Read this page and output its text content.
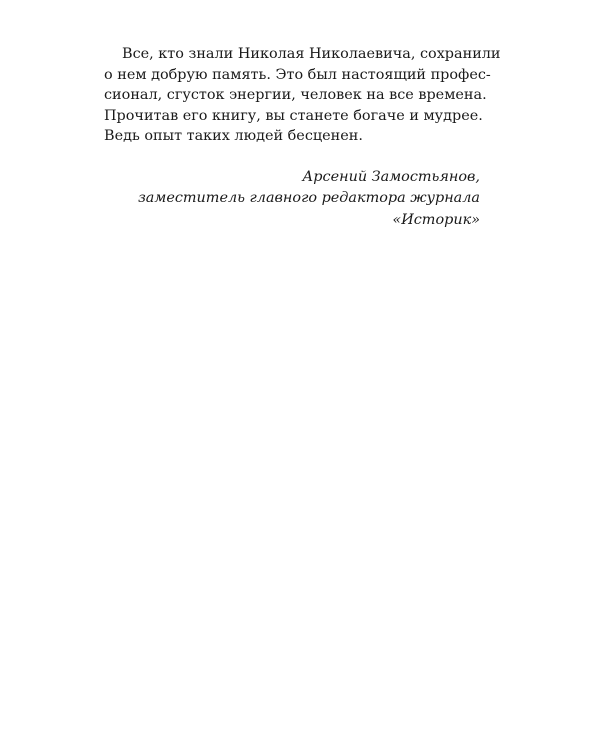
Все, кто знали Николая Николаевича, сохранили
о нем добрую память. Это был настоящий профес-
сионал, сгусток энергии, человек на все времена.
Прочитав его книгу, вы станете богаче и мудрее.
Ведь опыт таких людей бесценен.

Арсений Замостьянов,
заместитель главного редактора журнала
«Историк»
